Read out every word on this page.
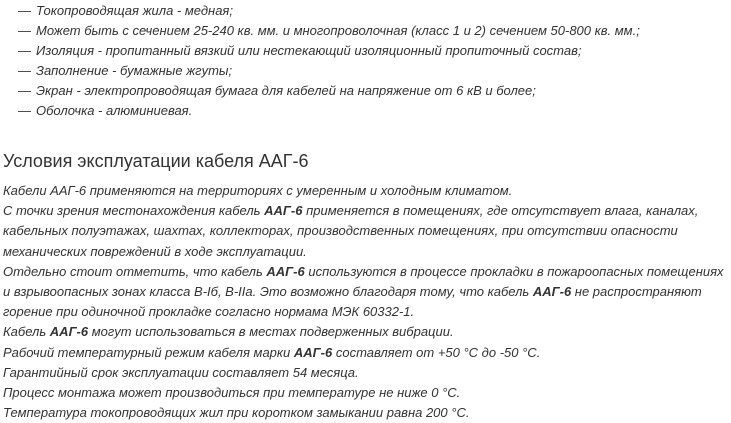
— Токопроводящая жила - медная;
— Может быть с сечением 25-240 кв. мм. и многопроволочная (класс 1 и 2) сечением 50-800 кв. мм.;
— Изоляция - пропитанный вязкий или нестекающий изоляционный пропиточный состав;
— Заполнение - бумажные жгуты;
— Экран - электропроводящая бумага для кабелей на напряжение от 6 кВ и более;
— Оболочка - алюминиевая.
Условия эксплуатации кабеля ААГ-6

Кабели ААГ-6 применяются на территориях с умеренным и холодным климатом.

С точки зрения местонахождения кабель ААГ-6 применяется в помещениях, где отсутствует влага, каналах, кабельных полуэтажах, шахтах, коллекторах, производственных помещениях, при отсутствии опасности механических повреждений в ходе эксплуатации.

Отдельно стоит отметить, что кабель ААГ-6 используются в процессе прокладки в пожароопасных помещениях и взрывоопасных зонах класса В-Iб, В-IIа. Это возможно благодаря тому, что кабель ААГ-6 не распространяют горение при одиночной прокладке согласно нормама МЭК 60332-1.

Кабель ААГ-6 могут использоваться в местах подверженных вибрации.

Рабочий температурный режим кабеля марки ААГ-6 составляет от +50 °С до -50 °С.

Гарантийный срок эксплуатации составляет 54 месяца.

Процесс монтажа может производиться при температуре не ниже 0 °С.

Температура токопроводящих жил при коротком замыкании равна 200 °С.
